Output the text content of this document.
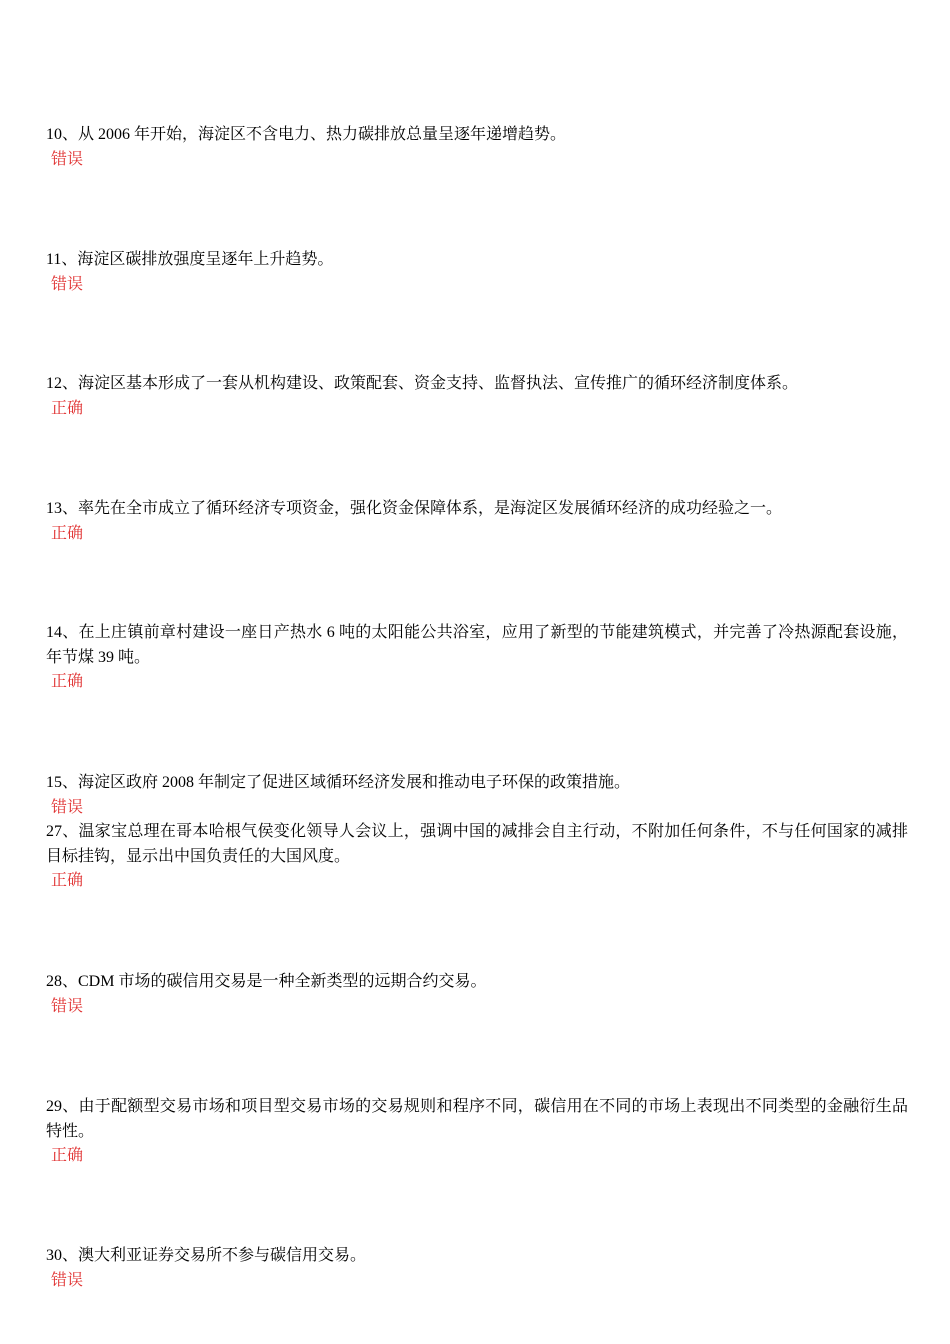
10、从 2006 年开始，海淀区不含电力、热力碳排放总量呈逐年递增趋势。

错误

11、海淀区碳排放强度呈逐年上升趋势。

错误

12、海淀区基本形成了一套从机构建设、政策配套、资金支持、监督执法、宣传推广的循环经济制度体系。

正确

13、率先在全市成立了循环经济专项资金，强化资金保障体系，是海淀区发展循环经济的成功经验之一。

正确

14、在上庄镇前章村建设一座日产热水 6 吨的太阳能公共浴室，应用了新型的节能建筑模式，并完善了冷热源配套设施，年节煤 39 吨。

正确

15、海淀区政府 2008 年制定了促进区域循环经济发展和推动电子环保的政策措施。

错误

27、温家宝总理在哥本哈根气侯变化领导人会议上，强调中国的减排会自主行动，不附加任何条件，不与任何国家的减排目标挂钩，显示出中国负责任的大国风度。

正确

28、CDM 市场的碳信用交易是一种全新类型的远期合约交易。

错误

29、由于配额型交易市场和项目型交易市场的交易规则和程序不同，碳信用在不同的市场上表现出不同类型的金融衍生品特性。

正确

30、澳大利亚证券交易所不参与碳信用交易。

错误
